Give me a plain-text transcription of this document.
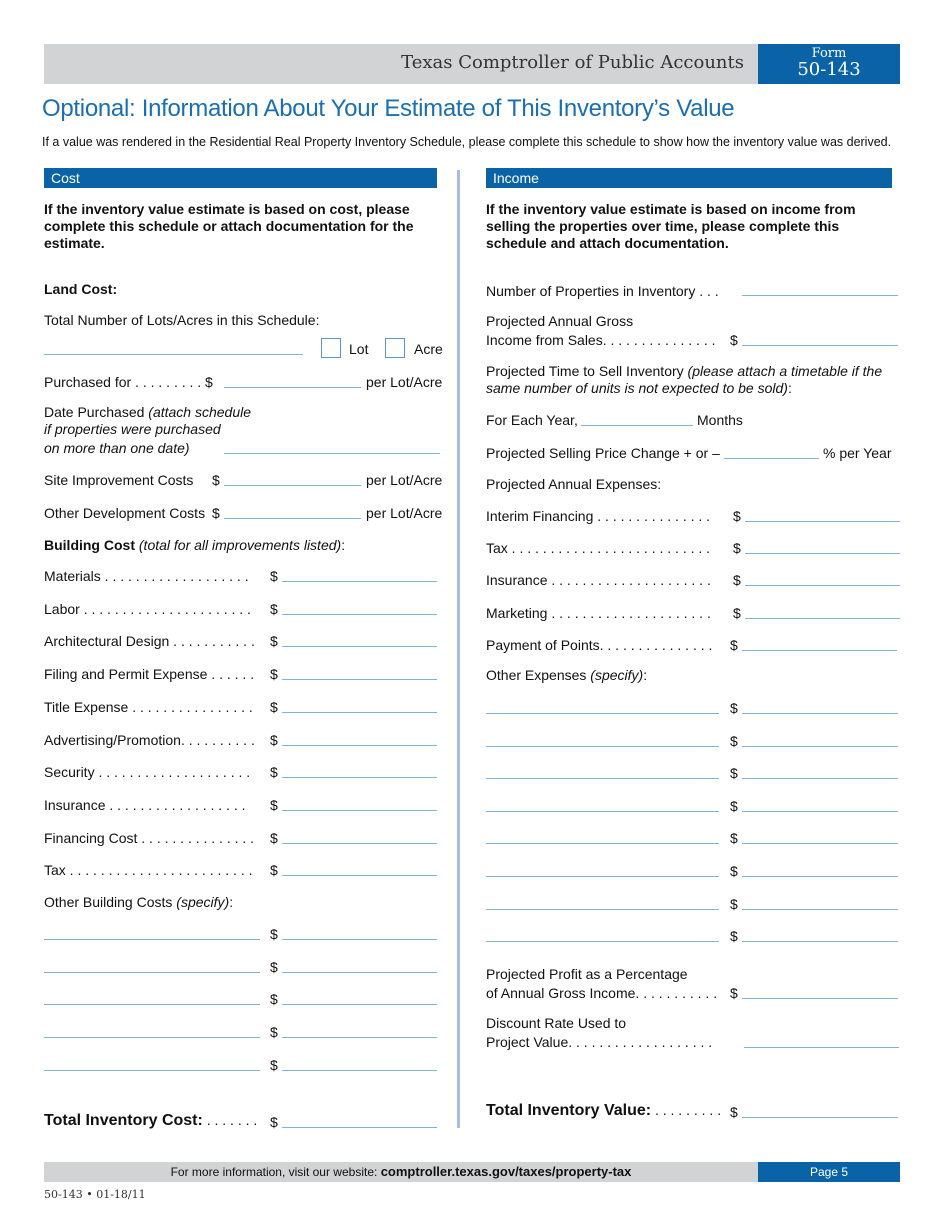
Texas Comptroller of Public Accounts	Form
50-143
Optional: Information About Your Estimate of This Inventory’s Value
If a value was rendered in the Residential Real Property Inventory Schedule, please complete this schedule to show how the inventory value was derived.
Cost
If the inventory value estimate is based on cost, please complete this schedule or attach documentation for the estimate.
Land Cost:
Total Number of Lots/Acres in this Schedule:
Lot	Acre
Purchased for . . . . . . . . . $	per Lot/Acre
Date Purchased (attach schedule
if properties were purchased
on more than one date)
Site Improvement Costs $	per Lot/Acre
Other Development Costs $	per Lot/Acre
Building Cost (total for all improvements listed):
Materials . . . . . . . . . . . . . . . . . . . $
Labor . . . . . . . . . . . . . . . . . . . . . . $
Architectural Design . . . . . . . . . . . $
Filing and Permit Expense . . . . . . $
Title Expense . . . . . . . . . . . . . . . . $
Advertising/Promotion. . . . . . . . . . $
Security . . . . . . . . . . . . . . . . . . . . $
Insurance . . . . . . . . . . . . . . . . . . $
Financing Cost . . . . . . . . . . . . . . . $
Tax . . . . . . . . . . . . . . . . . . . . . . . . $
Other Building Costs (specify):
$
$
$
$
$
Total Inventory Cost: . . . . . . . $
Income
If the inventory value estimate is based on income from selling the properties over time, please complete this schedule and attach documentation.
Number of Properties in Inventory . . .
Projected Annual Gross
Income from Sales. . . . . . . . . . . . . . . $
Projected Time to Sell Inventory (please attach a timetable if the
same number of units is not expected to be sold):
For Each Year,	Months
Projected Selling Price Change + or –	% per Year
Projected Annual Expenses:
Interim Financing . . . . . . . . . . . . . . . $
Tax . . . . . . . . . . . . . . . . . . . . . . . . . . $
Insurance . . . . . . . . . . . . . . . . . . . . . $
Marketing . . . . . . . . . . . . . . . . . . . . . $
Payment of Points. . . . . . . . . . . . . . . $
Other Expenses (specify):
$
$
$
$
$
$
$
$
Projected Profit as a Percentage
of Annual Gross Income. . . . . . . . . . . $
Discount Rate Used to
Project Value. . . . . . . . . . . . . . . . . . .
Total Inventory Value: . . . . . . . . . $
For more information, visit our website: comptroller.texas.gov/taxes/property-tax	Page 5
50-143 • 01-18/11
